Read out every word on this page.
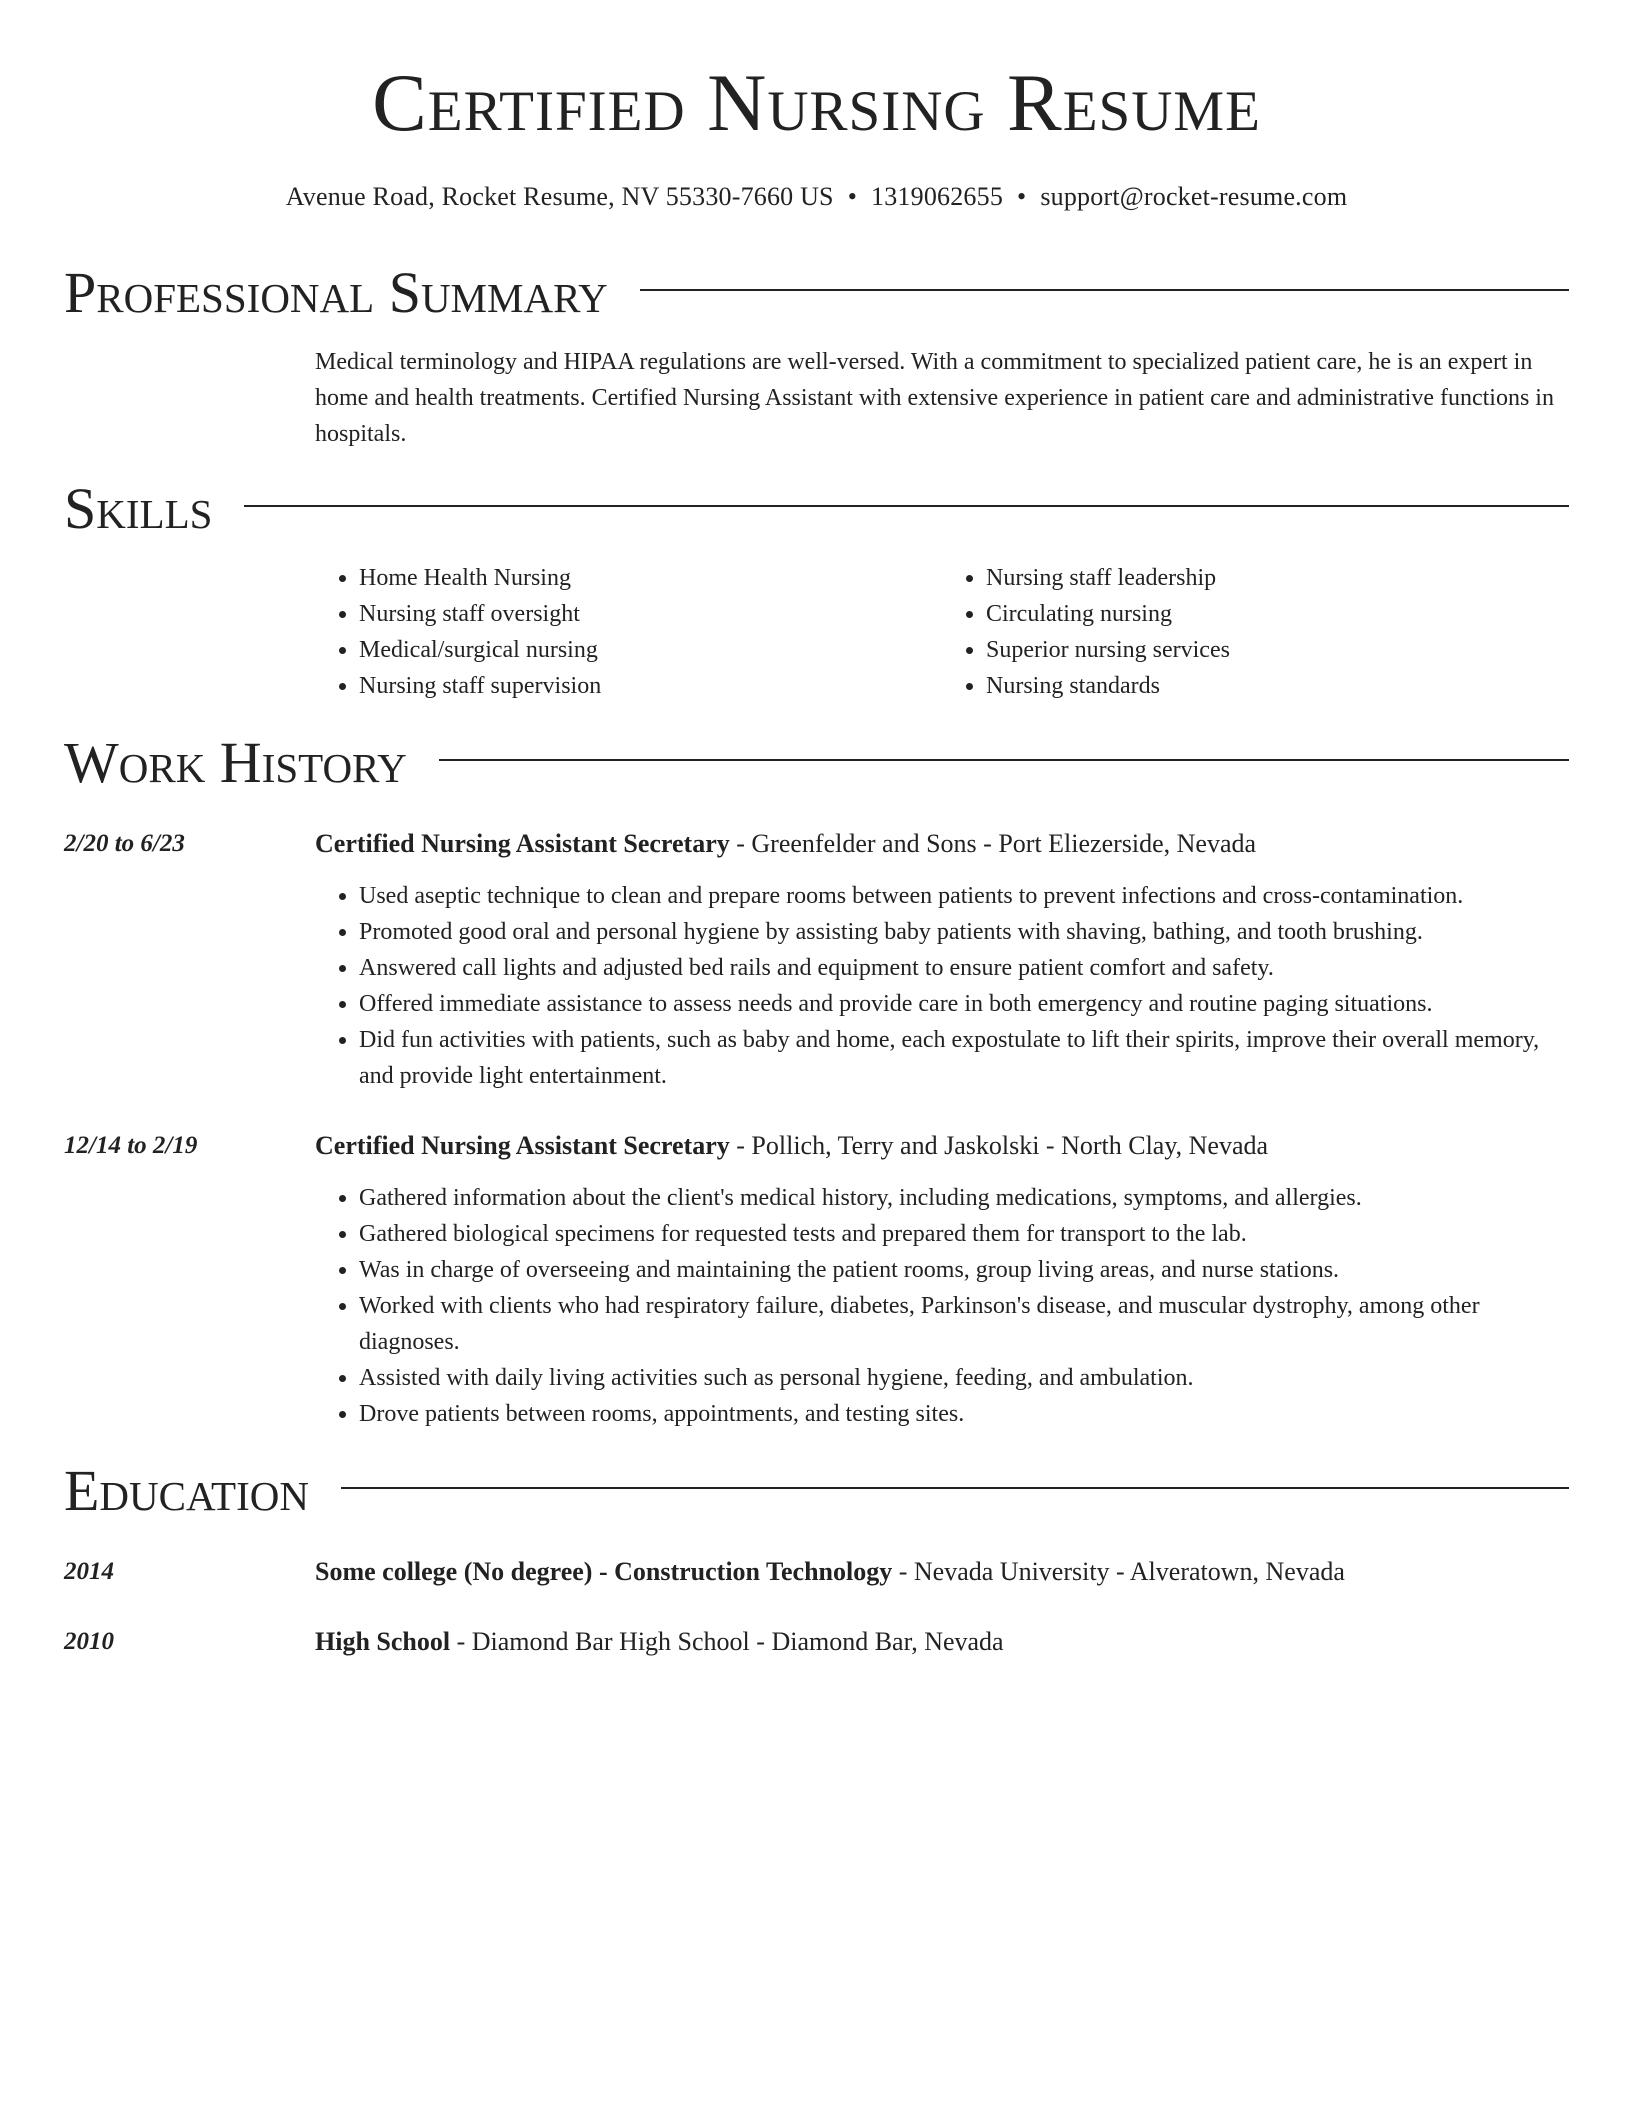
Certified Nursing Resume
Avenue Road, Rocket Resume, NV 55330-7660 US • 1319062655 • support@rocket-resume.com
Professional Summary
Medical terminology and HIPAA regulations are well-versed. With a commitment to specialized patient care, he is an expert in home and health treatments. Certified Nursing Assistant with extensive experience in patient care and administrative functions in hospitals.
Skills
• Home Health Nursing
• Nursing staff oversight
• Medical/surgical nursing
• Nursing staff supervision
• Nursing staff leadership
• Circulating nursing
• Superior nursing services
• Nursing standards
Work History
2/20 to 6/23	Certified Nursing Assistant Secretary - Greenfelder and Sons - Port Eliezerside, Nevada
• Used aseptic technique to clean and prepare rooms between patients to prevent infections and cross-contamination.
• Promoted good oral and personal hygiene by assisting baby patients with shaving, bathing, and tooth brushing.
• Answered call lights and adjusted bed rails and equipment to ensure patient comfort and safety.
• Offered immediate assistance to assess needs and provide care in both emergency and routine paging situations.
• Did fun activities with patients, such as baby and home, each expostulate to lift their spirits, improve their overall memory, and provide light entertainment.
12/14 to 2/19	Certified Nursing Assistant Secretary - Pollich, Terry and Jaskolski - North Clay, Nevada
• Gathered information about the client's medical history, including medications, symptoms, and allergies.
• Gathered biological specimens for requested tests and prepared them for transport to the lab.
• Was in charge of overseeing and maintaining the patient rooms, group living areas, and nurse stations.
• Worked with clients who had respiratory failure, diabetes, Parkinson's disease, and muscular dystrophy, among other diagnoses.
• Assisted with daily living activities such as personal hygiene, feeding, and ambulation.
• Drove patients between rooms, appointments, and testing sites.
Education
2014	Some college (No degree) - Construction Technology - Nevada University - Alveratown, Nevada
2010	High School - Diamond Bar High School - Diamond Bar, Nevada
